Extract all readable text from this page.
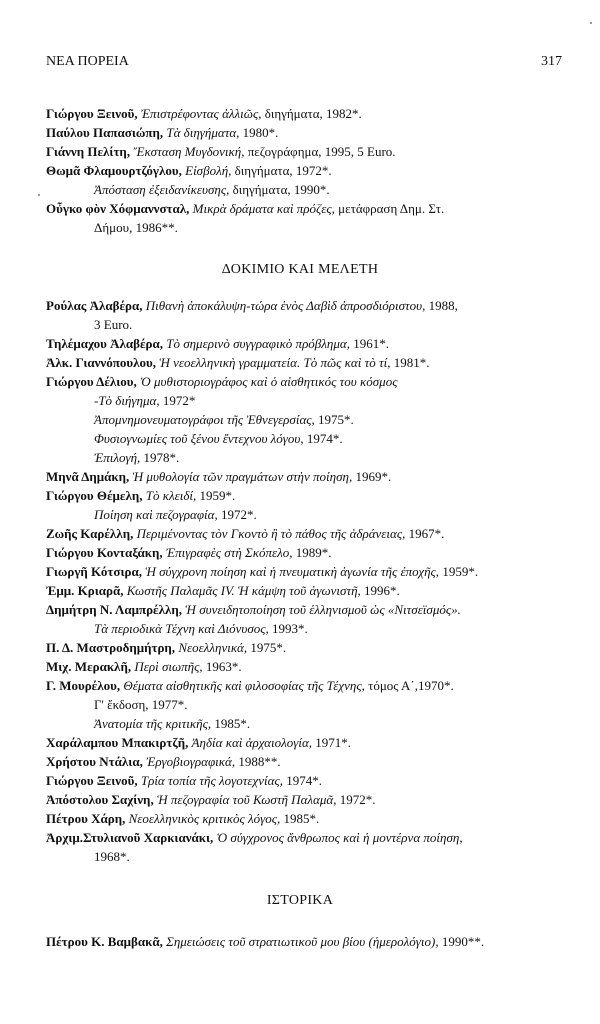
ΝΕΑ ΠΟΡΕΙΑ	317
Γιώργου Ξεινοῦ, Ἐπιστρέφοντας ἀλλιῶς, διηγήματα, 1982*.
Παύλου Παπασιώπη, Τὰ διηγήματα, 1980*.
Γιάννη Πελίτη, Ἔκσταση Μυγδονική, πεζογράφημα, 1995, 5 Euro.
Θωμᾶ Φλαμουρτζόγλου, Εἰσβολή, διηγήματα, 1972*.
Ἀπόσταση ἐξειδανίκευσης, διηγήματα, 1990*.
Οὖγκο φὸν Χόφμαννσταλ, Μικρὰ δράματα καὶ πρόζες, μετάφραση Δημ. Στ.
Δήμου, 1986**.
ΔΟΚΙΜΙΟ ΚΑΙ ΜΕΛΕΤΗ
Ρούλας Ἀλαβέρα, Πιθανὴ ἀποκάλυψη-τώρα ἑνὸς Δαβὶδ ἀπροσδιόριστου, 1988,
3 Euro.
Τηλέμαχου Ἀλαβέρα, Τὸ σημερινὸ συγγραφικὸ πρόβλημα, 1961*.
Ἀλκ. Γιαννόπουλου, Ἡ νεοελληνικὴ γραμματεία. Τὸ πῶς καὶ τὸ τί, 1981*.
Γιώργου Δέλιου, Ὁ μυθιστοριογράφος καὶ ὁ αἰσθητικός του κόσμος
-Τὸ διήγημα, 1972*
Ἀπομνημονευματογράφοι τῆς Ἐθνεγερσίας, 1975*.
Φυσιογνωμίες τοῦ ξένου ἔντεχνου λόγου, 1974*.
Ἐπιλογή, 1978*.
Μηνᾶ Δημάκη, Ἡ μυθολογία τῶν πραγμάτων στὴν ποίηση, 1969*.
Γιώργου Θέμελη, Τὸ κλειδί, 1959*.
Ποίηση καὶ πεζογραφία, 1972*.
Ζωῆς Καρέλλη, Περιμένοντας τὸν Γκοντὸ ἢ τὸ πάθος τῆς ἀδράνειας, 1967*.
Γιώργου Κονταξάκη, Ἐπιγραφὲς στὴ Σκόπελο, 1989*.
Γιωργῆ Κότσιρα, Ἡ σύγχρονη ποίηση καὶ ἡ πνευματικὴ ἀγωνία τῆς ἐποχῆς, 1959*.
Ἐμμ. Κριαρᾶ, Κωστῆς Παλαμᾶς IV. Ἡ κάμψη τοῦ ἀγωνιστῆ, 1996*.
Δημήτρη Ν. Λαμπρέλλη, Ἡ συνειδητοποίηση τοῦ ἑλληνισμοῦ ὡς «Νιτσεϊσμός».
Τὰ περιοδικὰ Τέχνη καὶ Διόνυσος, 1993*.
Π. Δ. Μαστροδημήτρη, Νεοελληνικά, 1975*.
Μιχ. Μερακλῆ, Περὶ σιωπῆς, 1963*.
Γ. Μουρέλου, Θέματα αἰσθητικῆς καὶ φιλοσοφίας τῆς Τέχνης, τόμος Α΄,1970*.
Γ' ἔκδοση, 1977*.
Ἀνατομία τῆς κριτικῆς, 1985*.
Χαράλαμπου Μπακιρτζῆ, Ἀηδία καὶ ἀρχαιολογία, 1971*.
Χρήστου Ντάλια, Ἐργοβιογραφικά, 1988**.
Γιώργου Ξεινοῦ, Τρία τοπία τῆς λογοτεχνίας, 1974*.
Ἀπόστολου Σαχίνη, Ἡ πεζογραφία τοῦ Κωστῆ Παλαμᾶ, 1972*.
Πέτρου Χάρη, Νεοελληνικὸς κριτικὸς λόγος, 1985*.
Ἀρχιμ.Στυλιανοῦ Χαρκιανάκι, Ὁ σύγχρονος ἄνθρωπος καὶ ἡ μοντέρνα ποίηση,
1968*.
ΙΣΤΟΡΙΚΑ
Πέτρου Κ. Βαμβακᾶ, Σημειώσεις τοῦ στρατιωτικοῦ μου βίου (ἡμερολόγιο), 1990**.
